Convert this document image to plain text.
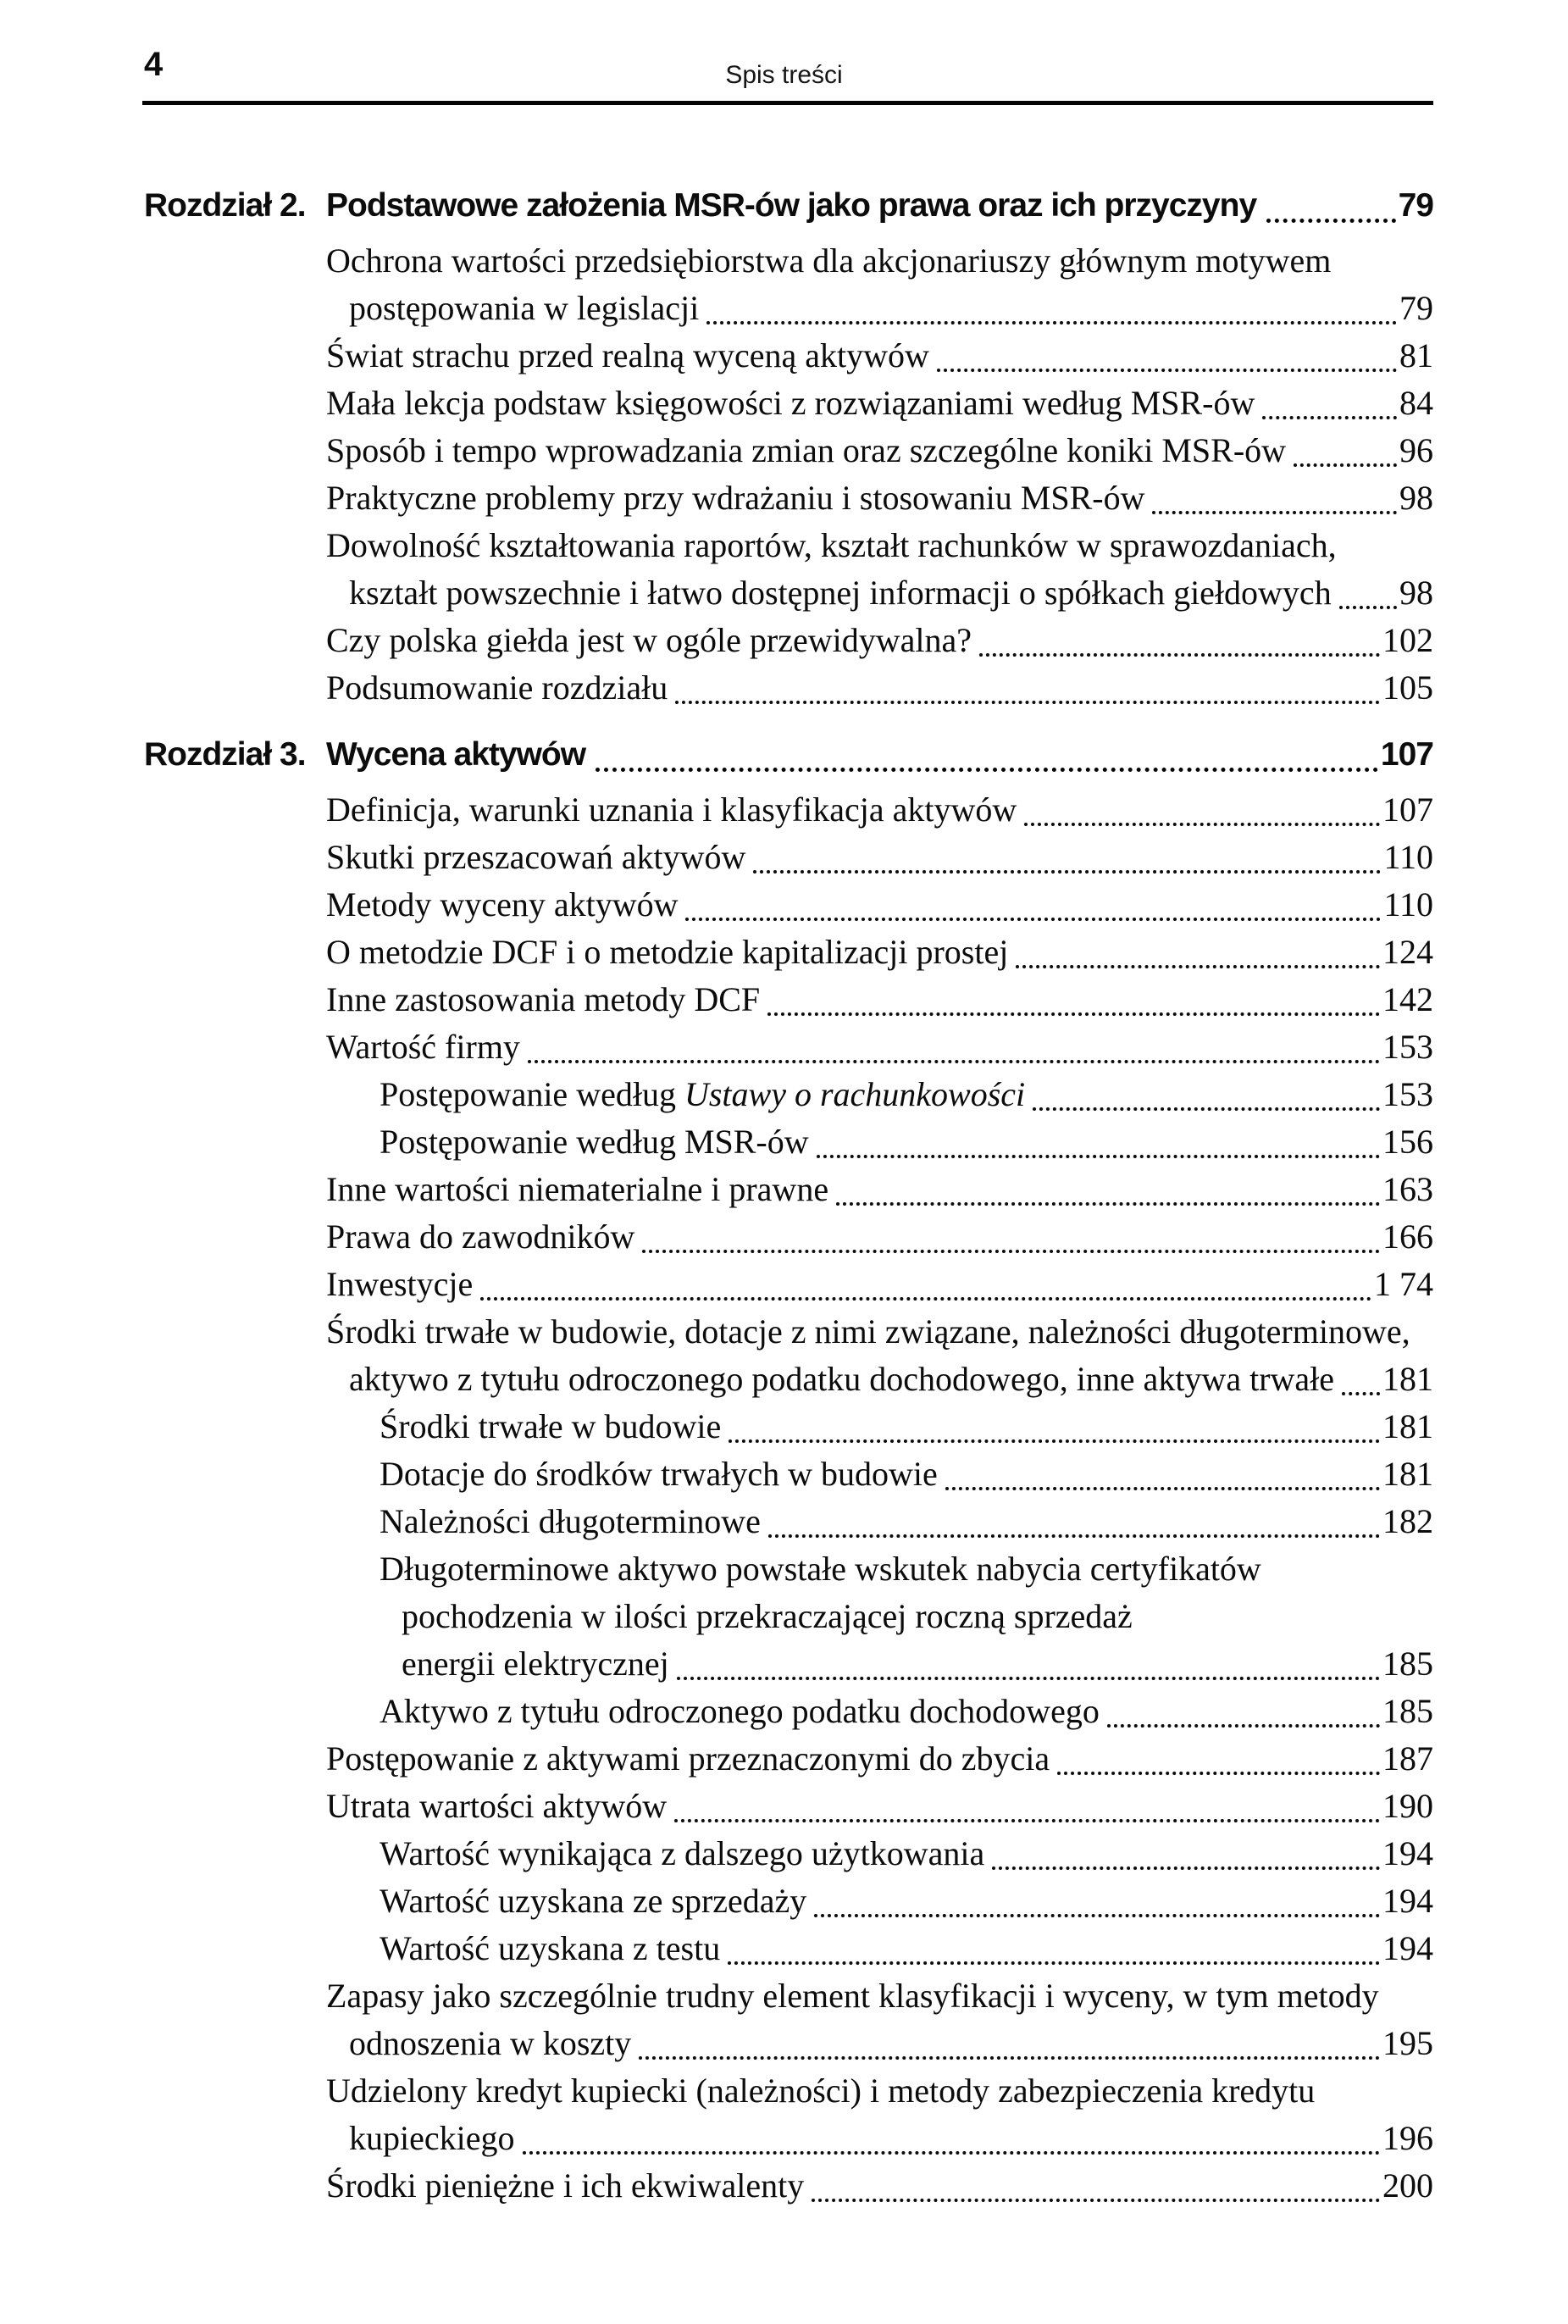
4	Spis treści
Rozdział 2. Podstawowe założenia MSR-ów jako prawa oraz ich przyczyny	79
Ochrona wartości przedsiębiorstwa dla akcjonariuszy głównym motywem
postępowania w legislacji	79
Świat strachu przed realną wyceną aktywów	81
Mała lekcja podstaw księgowości z rozwiązaniami według MSR-ów	84
Sposób i tempo wprowadzania zmian oraz szczególne koniki MSR-ów	96
Praktyczne problemy przy wdrażaniu i stosowaniu MSR-ów	98
Dowolność kształtowania raportów, kształt rachunków w sprawozdaniach,
kształt powszechnie i łatwo dostępnej informacji o spółkach giełdowych 98
Czy polska giełda jest w ogóle przewidywalna?	102
Podsumowanie rozdziału	105
Rozdział 3. Wycena aktywów	107
Definicja, warunki uznania i klasyfikacja aktywów	107
Skutki przeszacowań aktywów	110
Metody wyceny aktywów	110
O metodzie DCF i o metodzie kapitalizacji prostej	124
Inne zastosowania metody DCF	142
Wartość firmy	153
Postępowanie według Ustawy o rachunkowości	153
Postępowanie według MSR-ów	156
Inne wartości niematerialne i prawne	163
Prawa do zawodników	166
Inwestycje	1 74
Środki trwałe w budowie, dotacje z nimi związane, należności długoterminowe,
aktywo z tytułu odroczonego podatku dochodowego, inne aktywa trwałe 181
Środki trwałe w budowie	181
Dotacje do środków trwałych w budowie	181
Należności długoterminowe	182
Długoterminowe aktywo powstałe wskutek nabycia certyfikatów
pochodzenia w ilości przekraczającej roczną sprzedaż
energii elektrycznej	185
Aktywo z tytułu odroczonego podatku dochodowego	185
Postępowanie z aktywami przeznaczonymi do zbycia	187
Utrata wartości aktywów	190
Wartość wynikająca z dalszego użytkowania	194
Wartość uzyskana ze sprzedaży	194
Wartość uzyskana z testu	194
Zapasy jako szczególnie trudny element klasyfikacji i wyceny, w tym metody
odnoszenia w koszty	195
Udzielony kredyt kupiecki (należności) i metody zabezpieczenia kredytu
kupieckiego	196
Środki pieniężne i ich ekwiwalenty	200
